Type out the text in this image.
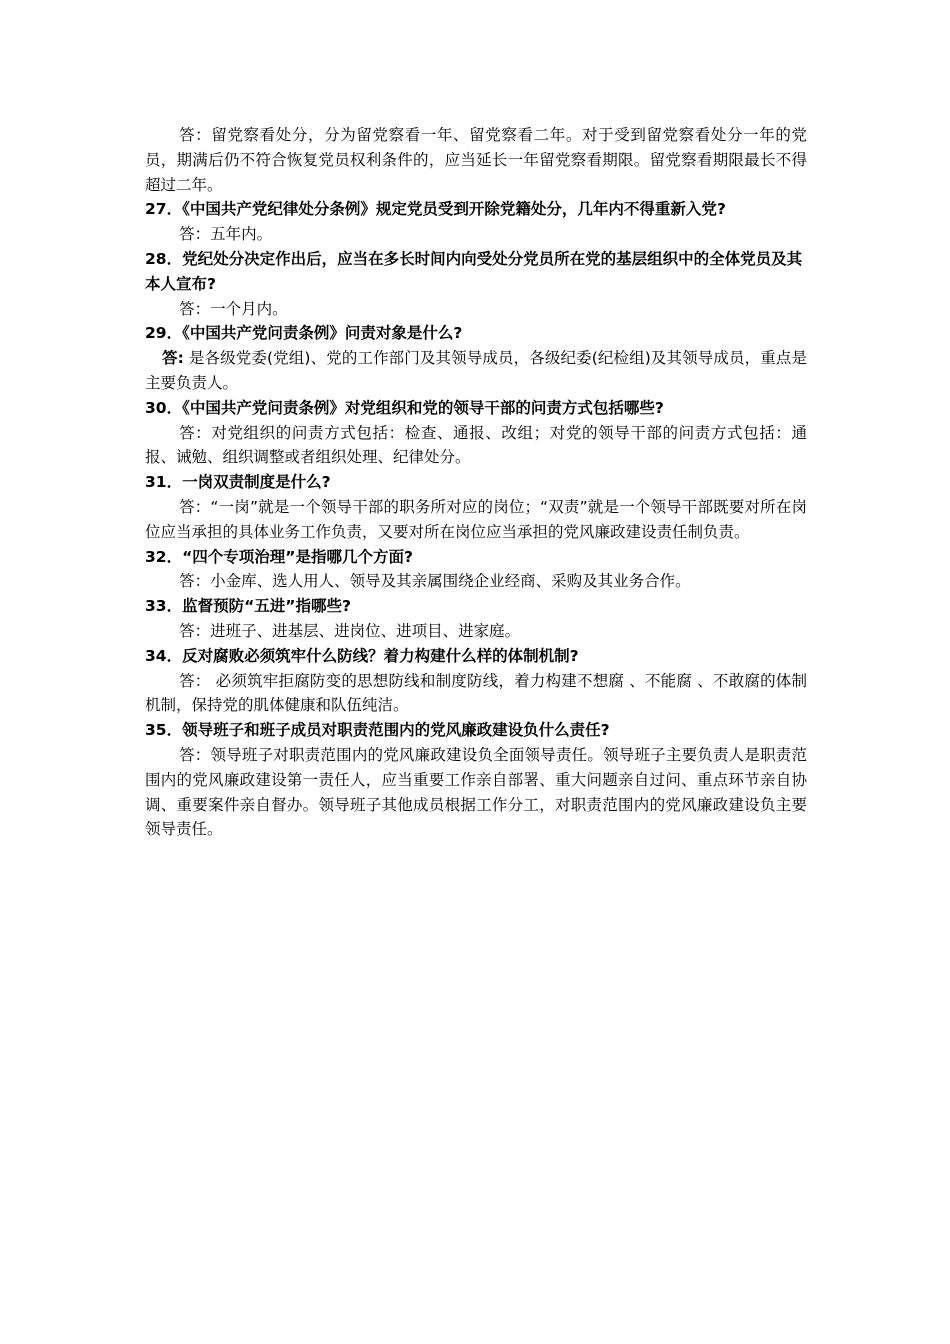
答：留党察看处分，分为留党察看一年、留党察看二年。对于受到留党察看处分一年的党员，期满后仍不符合恢复党员权利条件的，应当延长一年留党察看期限。留党察看期限最长不得超过二年。

27．《中国共产党纪律处分条例》规定党员受到开除党籍处分，几年内不得重新入党?

答：五年内。

28．党纪处分决定作出后，应当在多长时间内向受处分党员所在党的基层组织中的全体党员及其本人宣布?

答：一个月内。

29．《中国共产党问责条例》问责对象是什么?

答: 是各级党委(党组)、党的工作部门及其领导成员，各级纪委(纪检组)及其领导成员，重点是主要负责人。

30．《中国共产党问责条例》对党组织和党的领导干部的问责方式包括哪些?

答：对党组织的问责方式包括：检查、通报、改组；对党的领导干部的问责方式包括：通报、诫勉、组织调整或者组织处理、纪律处分。

31．一岗双责制度是什么?

答：“一岗”就是一个领导干部的职务所对应的岗位；“双责”就是一个领导干部既要对所在岗位应当承担的具体业务工作负责，又要对所在岗位应当承担的党风廉政建设责任制负责。

32．“四个专项治理”是指哪几个方面?

答：小金库、选人用人、领导及其亲属围绕企业经商、采购及其业务合作。

33．监督预防“五进”指哪些?

答：进班子、进基层、进岗位、进项目、进家庭。

34．反对腐败必须筑牢什么防线？着力构建什么样的体制机制?

答： 必须筑牢拒腐防变的思想防线和制度防线，着力构建不想腐 、不能腐 、不敢腐的体制机制，保持党的肌体健康和队伍纯洁。

35．领导班子和班子成员对职责范围内的党风廉政建设负什么责任?

答：领导班子对职责范围内的党风廉政建设负全面领导责任。领导班子主要负责人是职责范围内的党风廉政建设第一责任人，应当重要工作亲自部署、重大问题亲自过问、重点环节亲自协调、重要案件亲自督办。领导班子其他成员根据工作分工，对职责范围内的党风廉政建设负主要领导责任。
